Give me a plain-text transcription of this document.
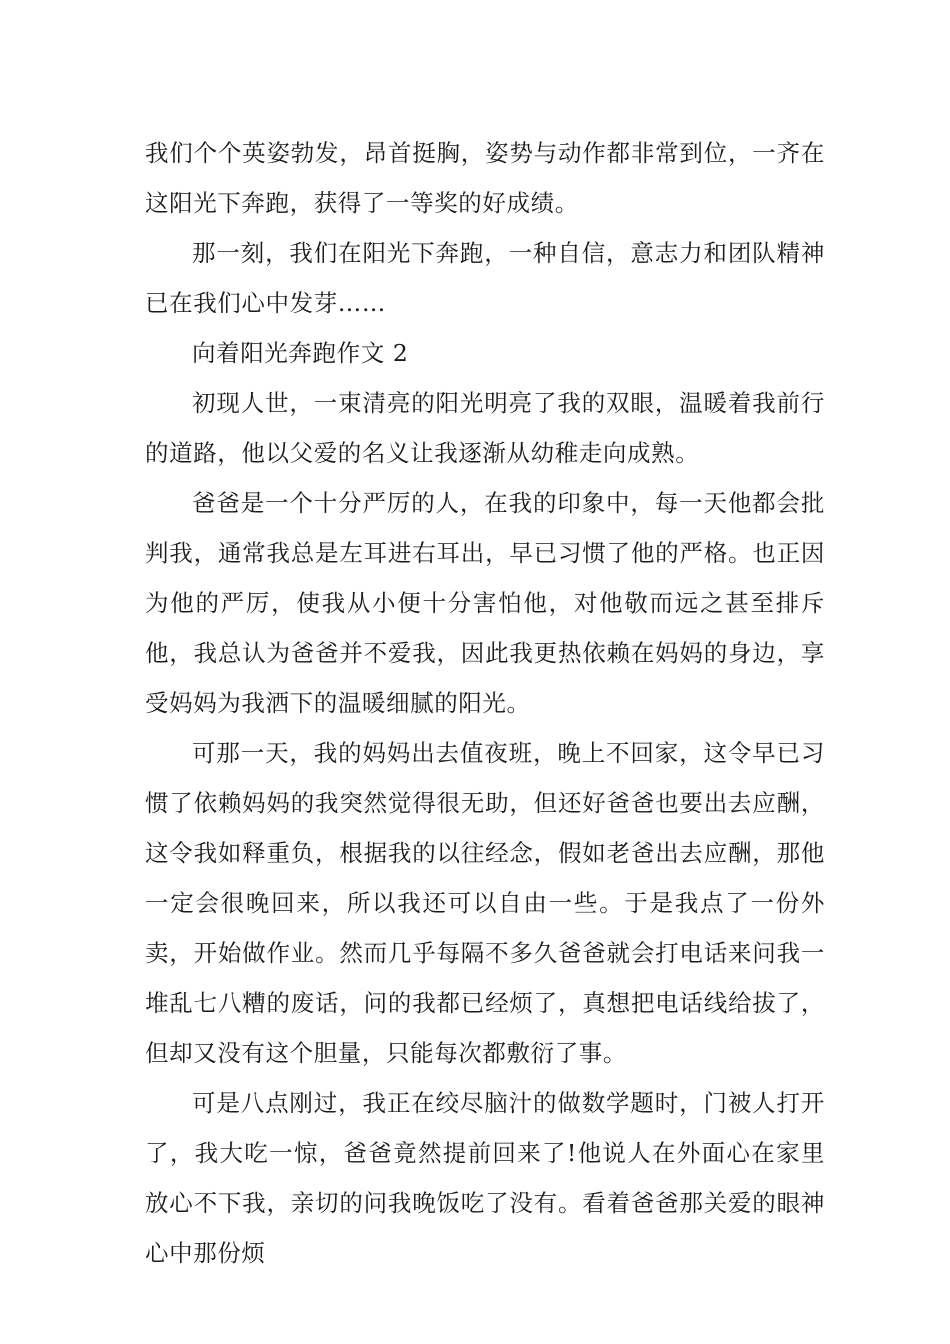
我们个个英姿勃发，昂首挺胸，姿势与动作都非常到位，一齐在这阳光下奔跑，获得了一等奖的好成绩。

那一刻，我们在阳光下奔跑，一种自信，意志力和团队精神已在我们心中发芽……

向着阳光奔跑作文 2

初现人世，一束清亮的阳光明亮了我的双眼，温暖着我前行的道路，他以父爱的名义让我逐渐从幼稚走向成熟。

爸爸是一个十分严厉的人，在我的印象中，每一天他都会批判我，通常我总是左耳进右耳出，早已习惯了他的严格。也正因为他的严厉，使我从小便十分害怕他，对他敬而远之甚至排斥他，我总认为爸爸并不爱我，因此我更热依赖在妈妈的身边，享受妈妈为我洒下的温暖细腻的阳光。

可那一天，我的妈妈出去值夜班，晚上不回家，这令早已习惯了依赖妈妈的我突然觉得很无助，但还好爸爸也要出去应酬，这令我如释重负，根据我的以往经念，假如老爸出去应酬，那他一定会很晚回来，所以我还可以自由一些。于是我点了一份外卖，开始做作业。然而几乎每隔不多久爸爸就会打电话来问我一堆乱七八糟的废话，问的我都已经烦了，真想把电话线给拔了，但却又没有这个胆量，只能每次都敷衍了事。

可是八点刚过，我正在绞尽脑汁的做数学题时，门被人打开了，我大吃一惊，爸爸竟然提前回来了!他说人在外面心在家里放心不下我，亲切的问我晚饭吃了没有。看着爸爸那关爱的眼神心中那份烦
